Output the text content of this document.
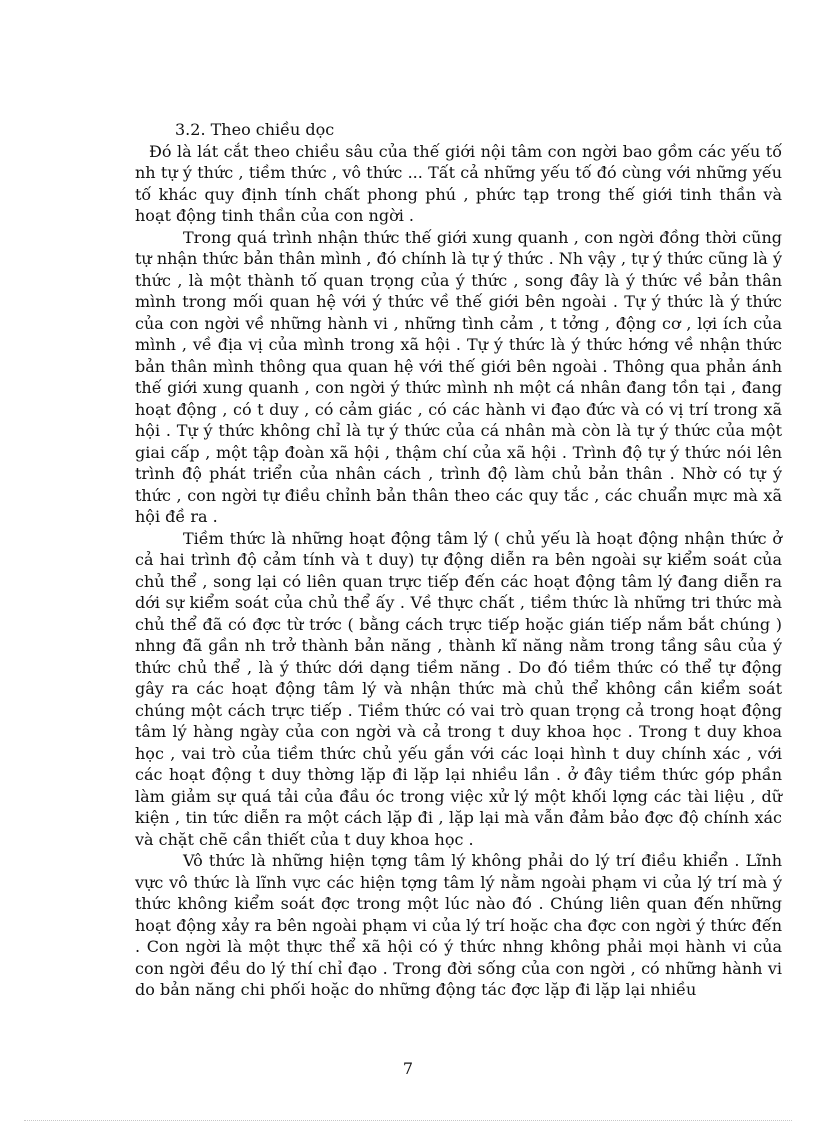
3.2. Theo chiều dọc

Đó là lát cắt theo chiều sâu của thế giới nội tâm con ngời bao gồm các yếu tố nh tự ý thức , tiềm thức , vô thức ... Tất cả những yếu tố đó cùng với những yếu tố khác quy định tính chất phong phú , phức tạp trong thế giới tinh thần và hoạt động tinh thần của con ngời .

Trong quá trình nhận thức thế giới xung quanh , con ngời đồng thời cũng tự nhận thức bản thân mình , đó chính là tự ý thức . Nh vậy , tự ý thức cũng là ý thức , là một thành tố quan trọng của ý thức , song đây là ý thức về bản thân mình trong mối quan hệ với ý thức về thế giới bên ngoài . Tự ý thức là ý thức của con ngời về những hành vi , những tình cảm , t tởng , động cơ , lợi ích của mình , về địa vị của mình trong xã hội . Tự ý thức là ý thức hớng về nhận thức bản thân mình thông qua quan hệ với thế giới bên ngoài . Thông qua phản ánh thế giới xung quanh , con ngời ý thức mình nh một cá nhân đang tồn tại , đang hoạt động , có t duy , có cảm giác , có các hành vi đạo đức và có vị trí trong xã hội . Tự ý thức không chỉ là tự ý thức của cá nhân mà còn là tự ý thức của một giai cấp , một tập đoàn xã hội , thậm chí của xã hội . Trình độ tự ý thức nói lên trình độ phát triển của nhân cách , trình độ làm chủ bản thân . Nhờ có tự ý thức , con ngời tự điều chỉnh bản thân theo các quy tắc , các chuẩn mực mà xã hội đề ra .

Tiềm thức là những hoạt động tâm lý ( chủ yếu là hoạt động nhận thức ở cả hai trình độ cảm tính và t duy) tự động diễn ra bên ngoài sự kiểm soát của chủ thể , song lại có liên quan trực tiếp đến các hoạt động tâm lý đang diễn ra dới sự kiểm soát của chủ thể ấy . Về thực chất , tiềm thức là những tri thức mà chủ thể đã có đợc từ trớc ( bằng cách trực tiếp hoặc gián tiếp nắm bắt chúng ) nhng đã gần nh trở thành bản năng , thành kĩ năng nằm trong tầng sâu của ý thức chủ thể , là ý thức dới dạng tiềm năng . Do đó tiềm thức có thể tự động gây ra các hoạt động tâm lý và nhận thức mà chủ thể không cần kiểm soát chúng một cách trực tiếp . Tiềm thức có vai trò quan trọng cả trong hoạt động tâm lý hàng ngày của con ngời và cả trong t duy khoa học . Trong t duy khoa học , vai trò của tiềm thức chủ yếu gắn với các loại hình t duy chính xác , với các hoạt động t duy thờng lặp đi lặp lại nhiều lần . ở đây tiềm thức góp phần làm giảm sự quá tải của đầu óc trong việc xử lý một khối lợng các tài liệu , dữ kiện , tin tức diễn ra một cách lặp đi , lặp lại mà vẫn đảm bảo đợc độ chính xác và chặt chẽ cần thiết của t duy khoa học .

Vô thức là những hiện tợng tâm lý không phải do lý trí điều khiển . Lĩnh vực vô thức là lĩnh vực các hiện tợng tâm lý nằm ngoài phạm vi của lý trí mà ý thức không kiểm soát đợc trong một lúc nào đó . Chúng liên quan đến những hoạt động xảy ra bên ngoài phạm vi của lý trí hoặc cha đợc con ngời ý thức đến . Con ngời là một thực thể xã hội có ý thức nhng không phải mọi hành vi của con ngời đều do lý thí chỉ đạo . Trong đời sống của con ngời , có những hành vi do bản năng chi phối hoặc do những động tác đợc lặp đi lặp lại nhiều

7
